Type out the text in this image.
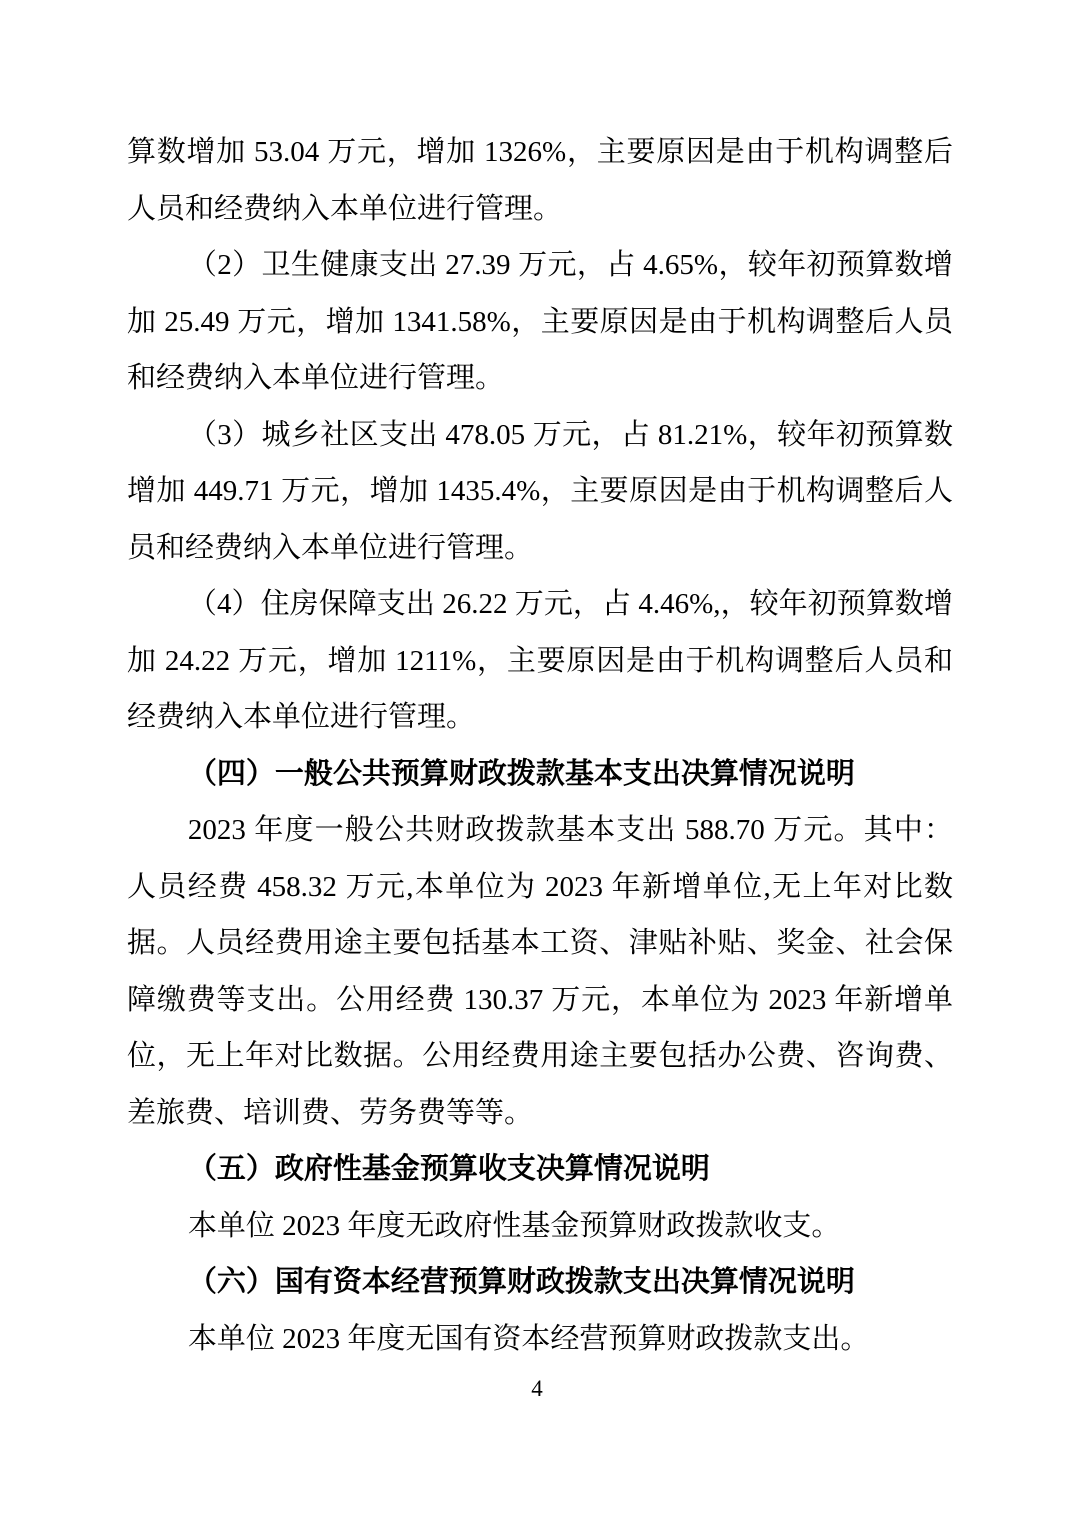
算数增加 53.04 万元，增加 1326%，主要原因是由于机构调整后人员和经费纳入本单位进行管理。

（2）卫生健康支出 27.39 万元，占 4.65%，较年初预算数增加 25.49 万元，增加 1341.58%，主要原因是由于机构调整后人员和经费纳入本单位进行管理。

（3）城乡社区支出 478.05 万元，占 81.21%，较年初预算数增加 449.71 万元，增加 1435.4%，主要原因是由于机构调整后人员和经费纳入本单位进行管理。

（4）住房保障支出 26.22 万元，占 4.46%,，较年初预算数增加 24.22 万元，增加 1211%，主要原因是由于机构调整后人员和经费纳入本单位进行管理。

（四）一般公共预算财政拨款基本支出决算情况说明

2023 年度一般公共财政拨款基本支出 588.70 万元。其中：人员经费 458.32 万元,本单位为 2023 年新增单位,无上年对比数据。人员经费用途主要包括基本工资、津贴补贴、奖金、社会保障缴费等支出。公用经费 130.37 万元，本单位为 2023 年新增单位，无上年对比数据。公用经费用途主要包括办公费、咨询费、差旅费、培训费、劳务费等等。

（五）政府性基金预算收支决算情况说明

本单位 2023 年度无政府性基金预算财政拨款收支。

（六）国有资本经营预算财政拨款支出决算情况说明

本单位 2023 年度无国有资本经营预算财政拨款支出。

4
